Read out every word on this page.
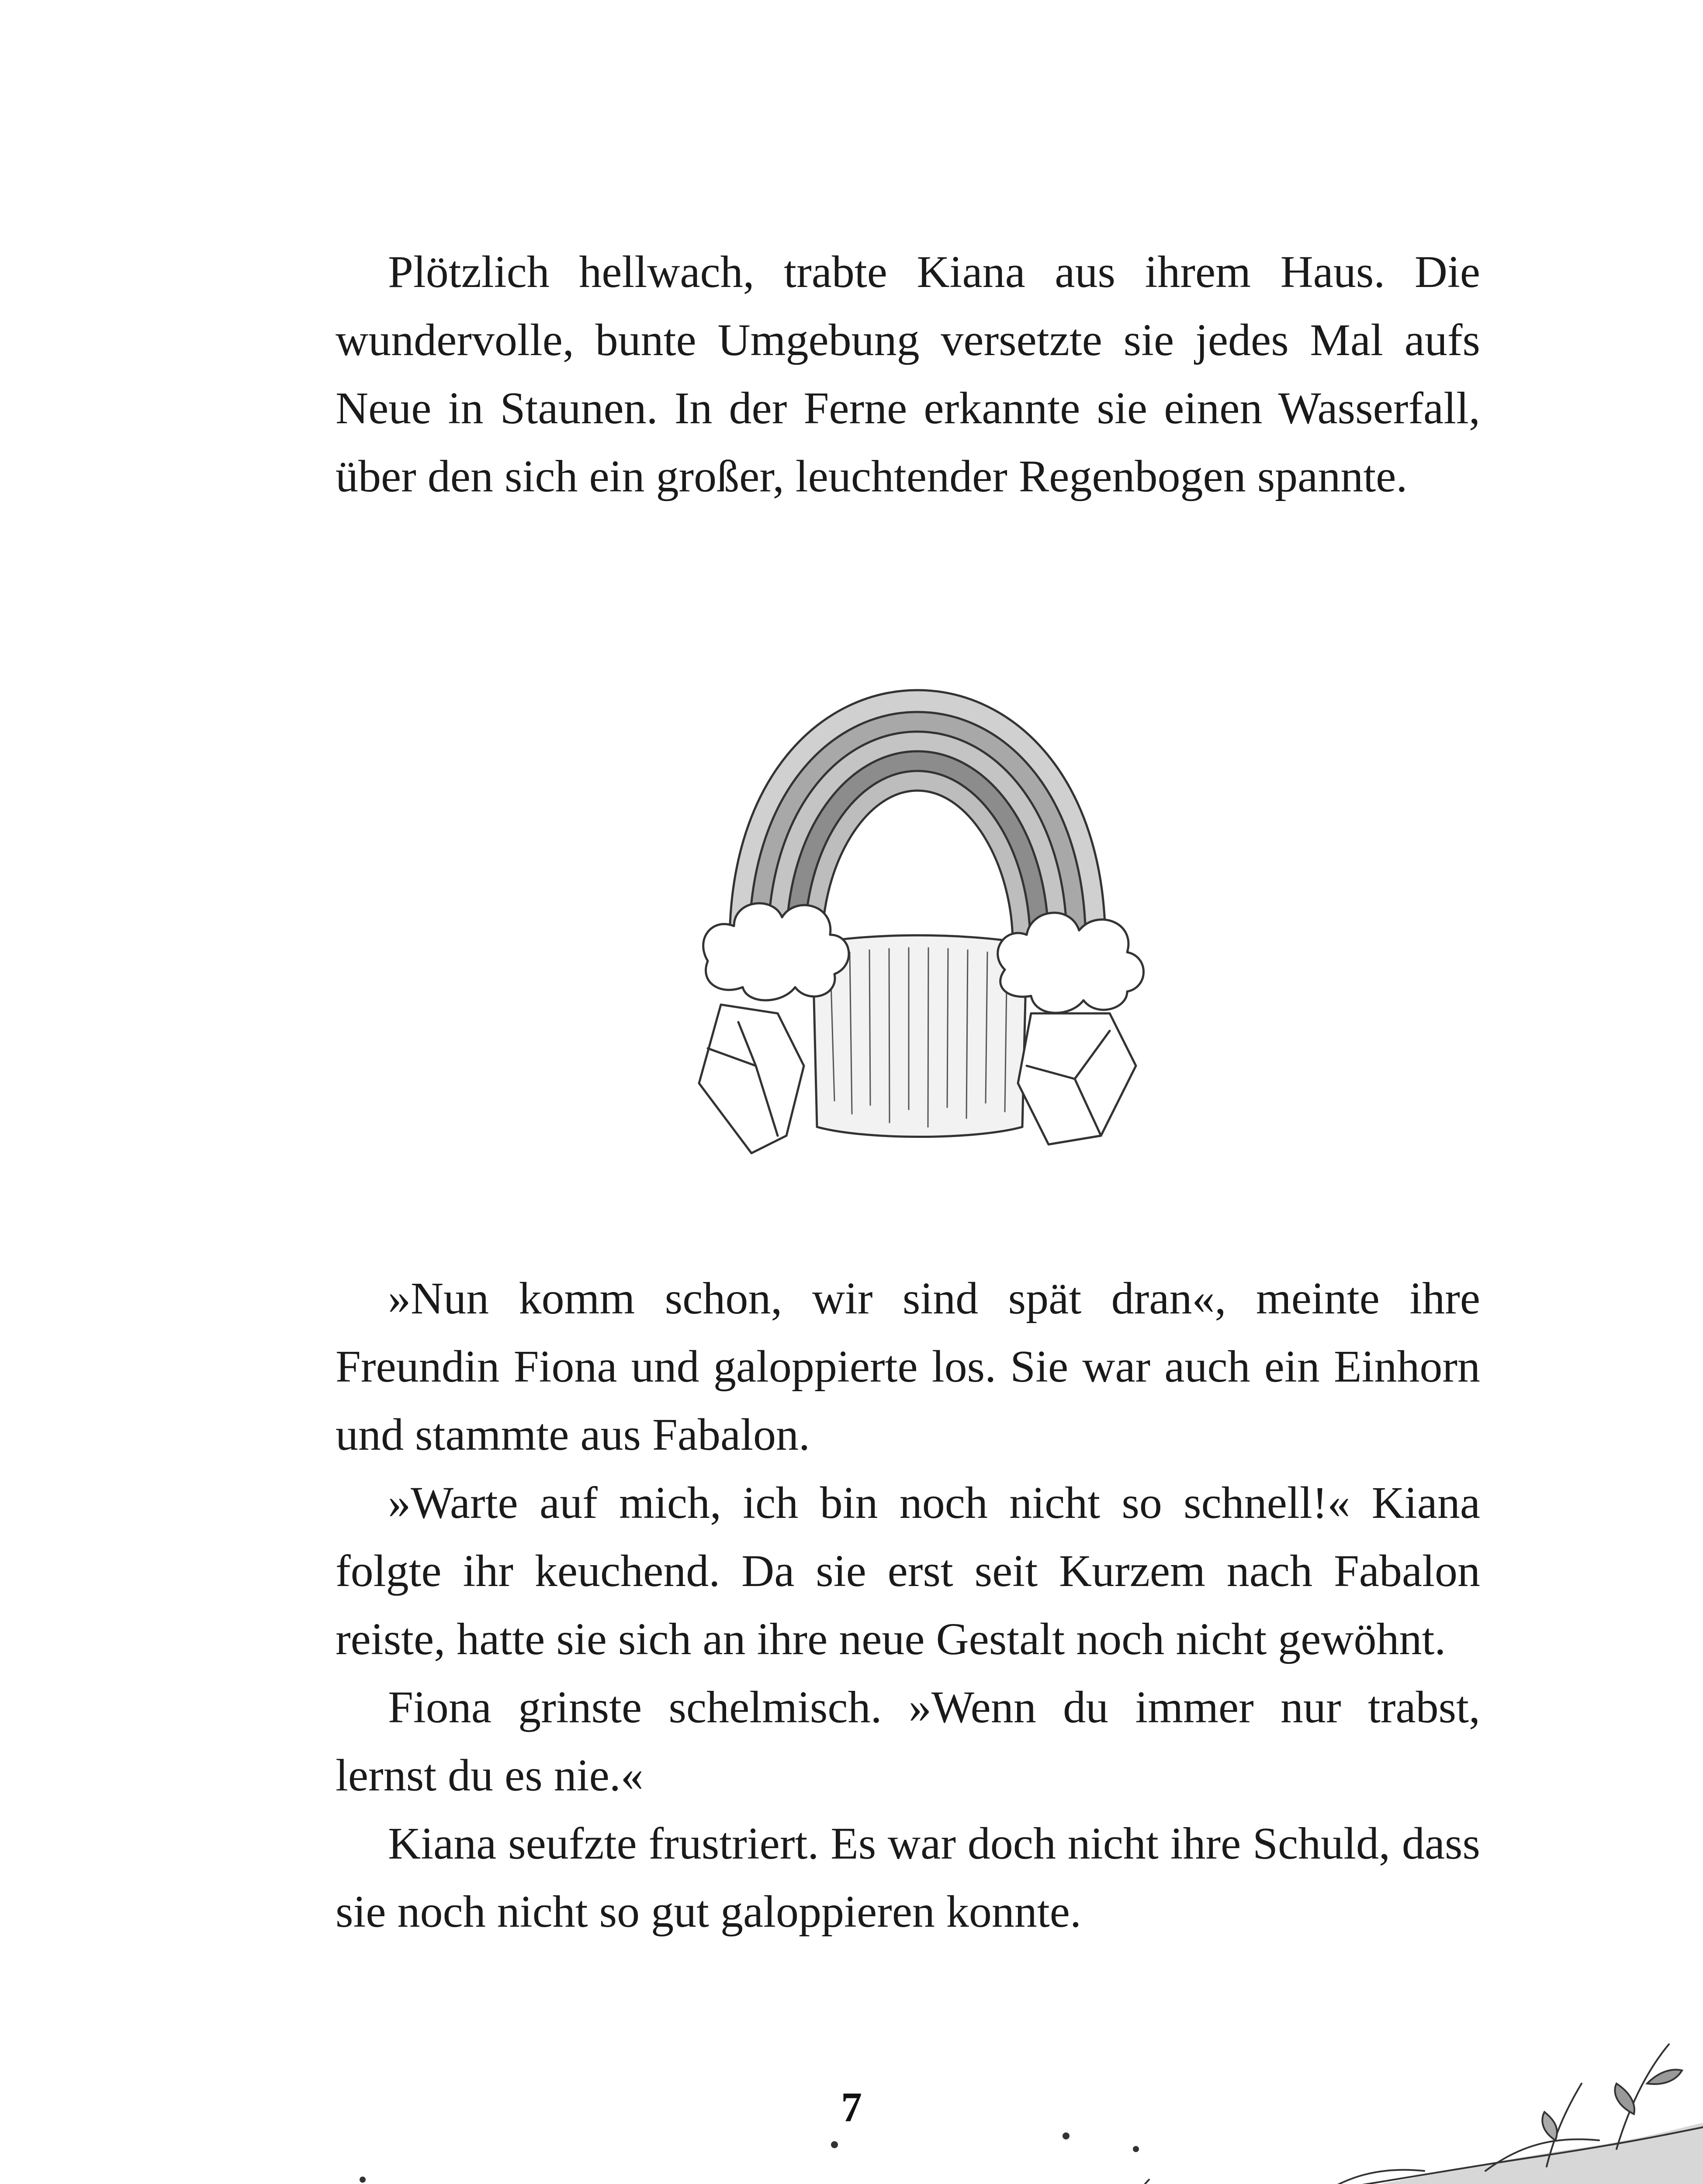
Plötzlich hellwach, trabte Kiana aus ihrem Haus. Die wundervolle, bunte Umgebung versetzte sie jedes Mal aufs Neue in Staunen. In der Ferne erkannte sie einen Wasserfall, über den sich ein großer, leuchtender Regenbogen spannte.

»Nun komm schon, wir sind spät dran«, meinte ihre Freundin Fiona und galoppierte los. Sie war auch ein Einhorn und stammte aus Fabalon.

»Warte auf mich, ich bin noch nicht so schnell!« Kiana folgte ihr keuchend. Da sie erst seit Kurzem nach Fabalon reiste, hatte sie sich an ihre neue Gestalt noch nicht gewöhnt.

Fiona grinste schelmisch. »Wenn du immer nur trabst, lernst du es nie.«

Kiana seufzte frustriert. Es war doch nicht ihre Schuld, dass sie noch nicht so gut galoppieren konnte.

7
